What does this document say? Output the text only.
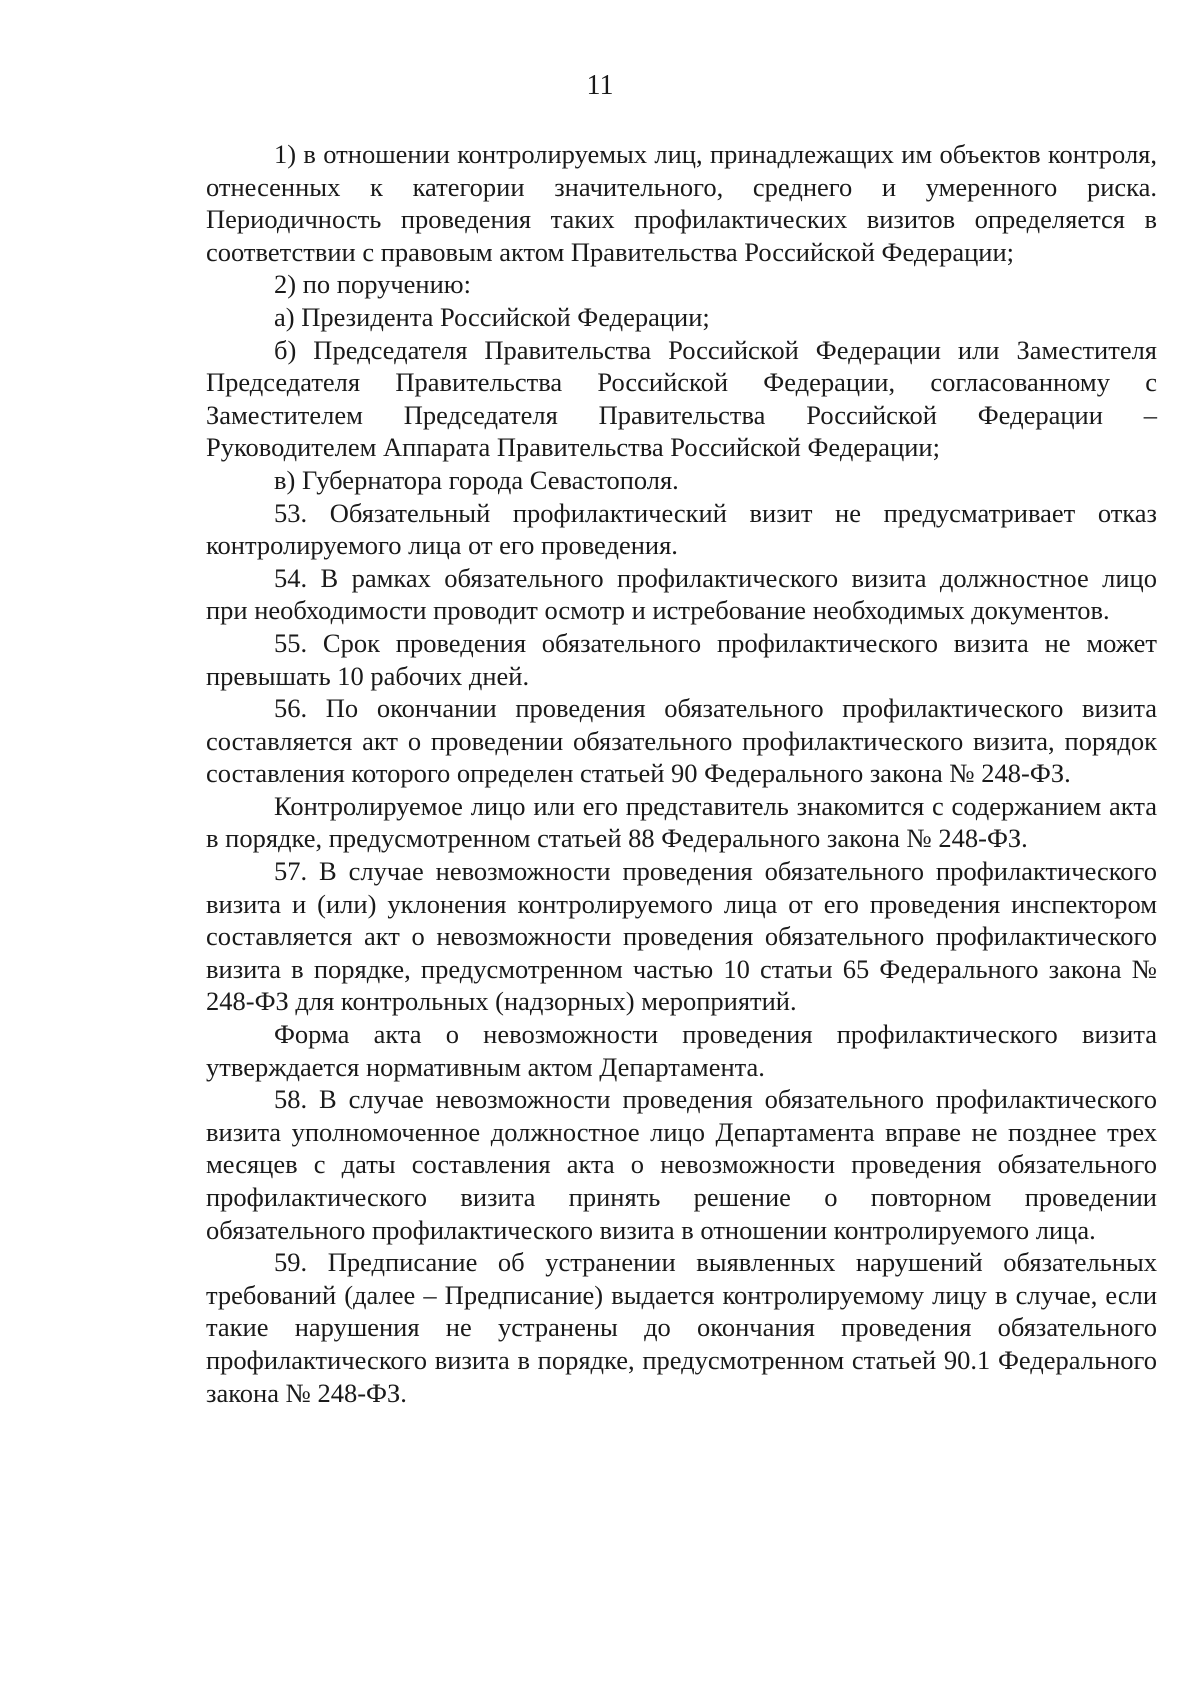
11

1) в отношении контролируемых лиц, принадлежащих им объектов контроля, отнесенных к категории значительного, среднего и умеренного риска. Периодичность проведения таких профилактических визитов определяется в соответствии с правовым актом Правительства Российской Федерации;

2) по поручению:

а) Президента Российской Федерации;

б) Председателя Правительства Российской Федерации или Заместителя Председателя Правительства Российской Федерации, согласованному с Заместителем Председателя Правительства Российской Федерации – Руководителем Аппарата Правительства Российской Федерации;

в) Губернатора города Севастополя.

53. Обязательный профилактический визит не предусматривает отказ контролируемого лица от его проведения.

54. В рамках обязательного профилактического визита должностное лицо при необходимости проводит осмотр и истребование необходимых документов.

55. Срок проведения обязательного профилактического визита не может превышать 10 рабочих дней.

56. По окончании проведения обязательного профилактического визита составляется акт о проведении обязательного профилактического визита, порядок составления которого определен статьей 90 Федерального закона № 248-ФЗ.

Контролируемое лицо или его представитель знакомится с содержанием акта в порядке, предусмотренном статьей 88 Федерального закона № 248-ФЗ.

57. В случае невозможности проведения обязательного профилактического визита и (или) уклонения контролируемого лица от его проведения инспектором составляется акт о невозможности проведения обязательного профилактического визита в порядке, предусмотренном частью 10 статьи 65 Федерального закона № 248-ФЗ для контрольных (надзорных) мероприятий.

Форма акта о невозможности проведения профилактического визита утверждается нормативным актом Департамента.

58. В случае невозможности проведения обязательного профилактического визита уполномоченное должностное лицо Департамента вправе не позднее трех месяцев с даты составления акта о невозможности проведения обязательного профилактического визита принять решение о повторном проведении обязательного профилактического визита в отношении контролируемого лица.

59. Предписание об устранении выявленных нарушений обязательных требований (далее – Предписание) выдается контролируемому лицу в случае, если такие нарушения не устранены до окончания проведения обязательного профилактического визита в порядке, предусмотренном статьей 90.1 Федерального закона № 248-ФЗ.
